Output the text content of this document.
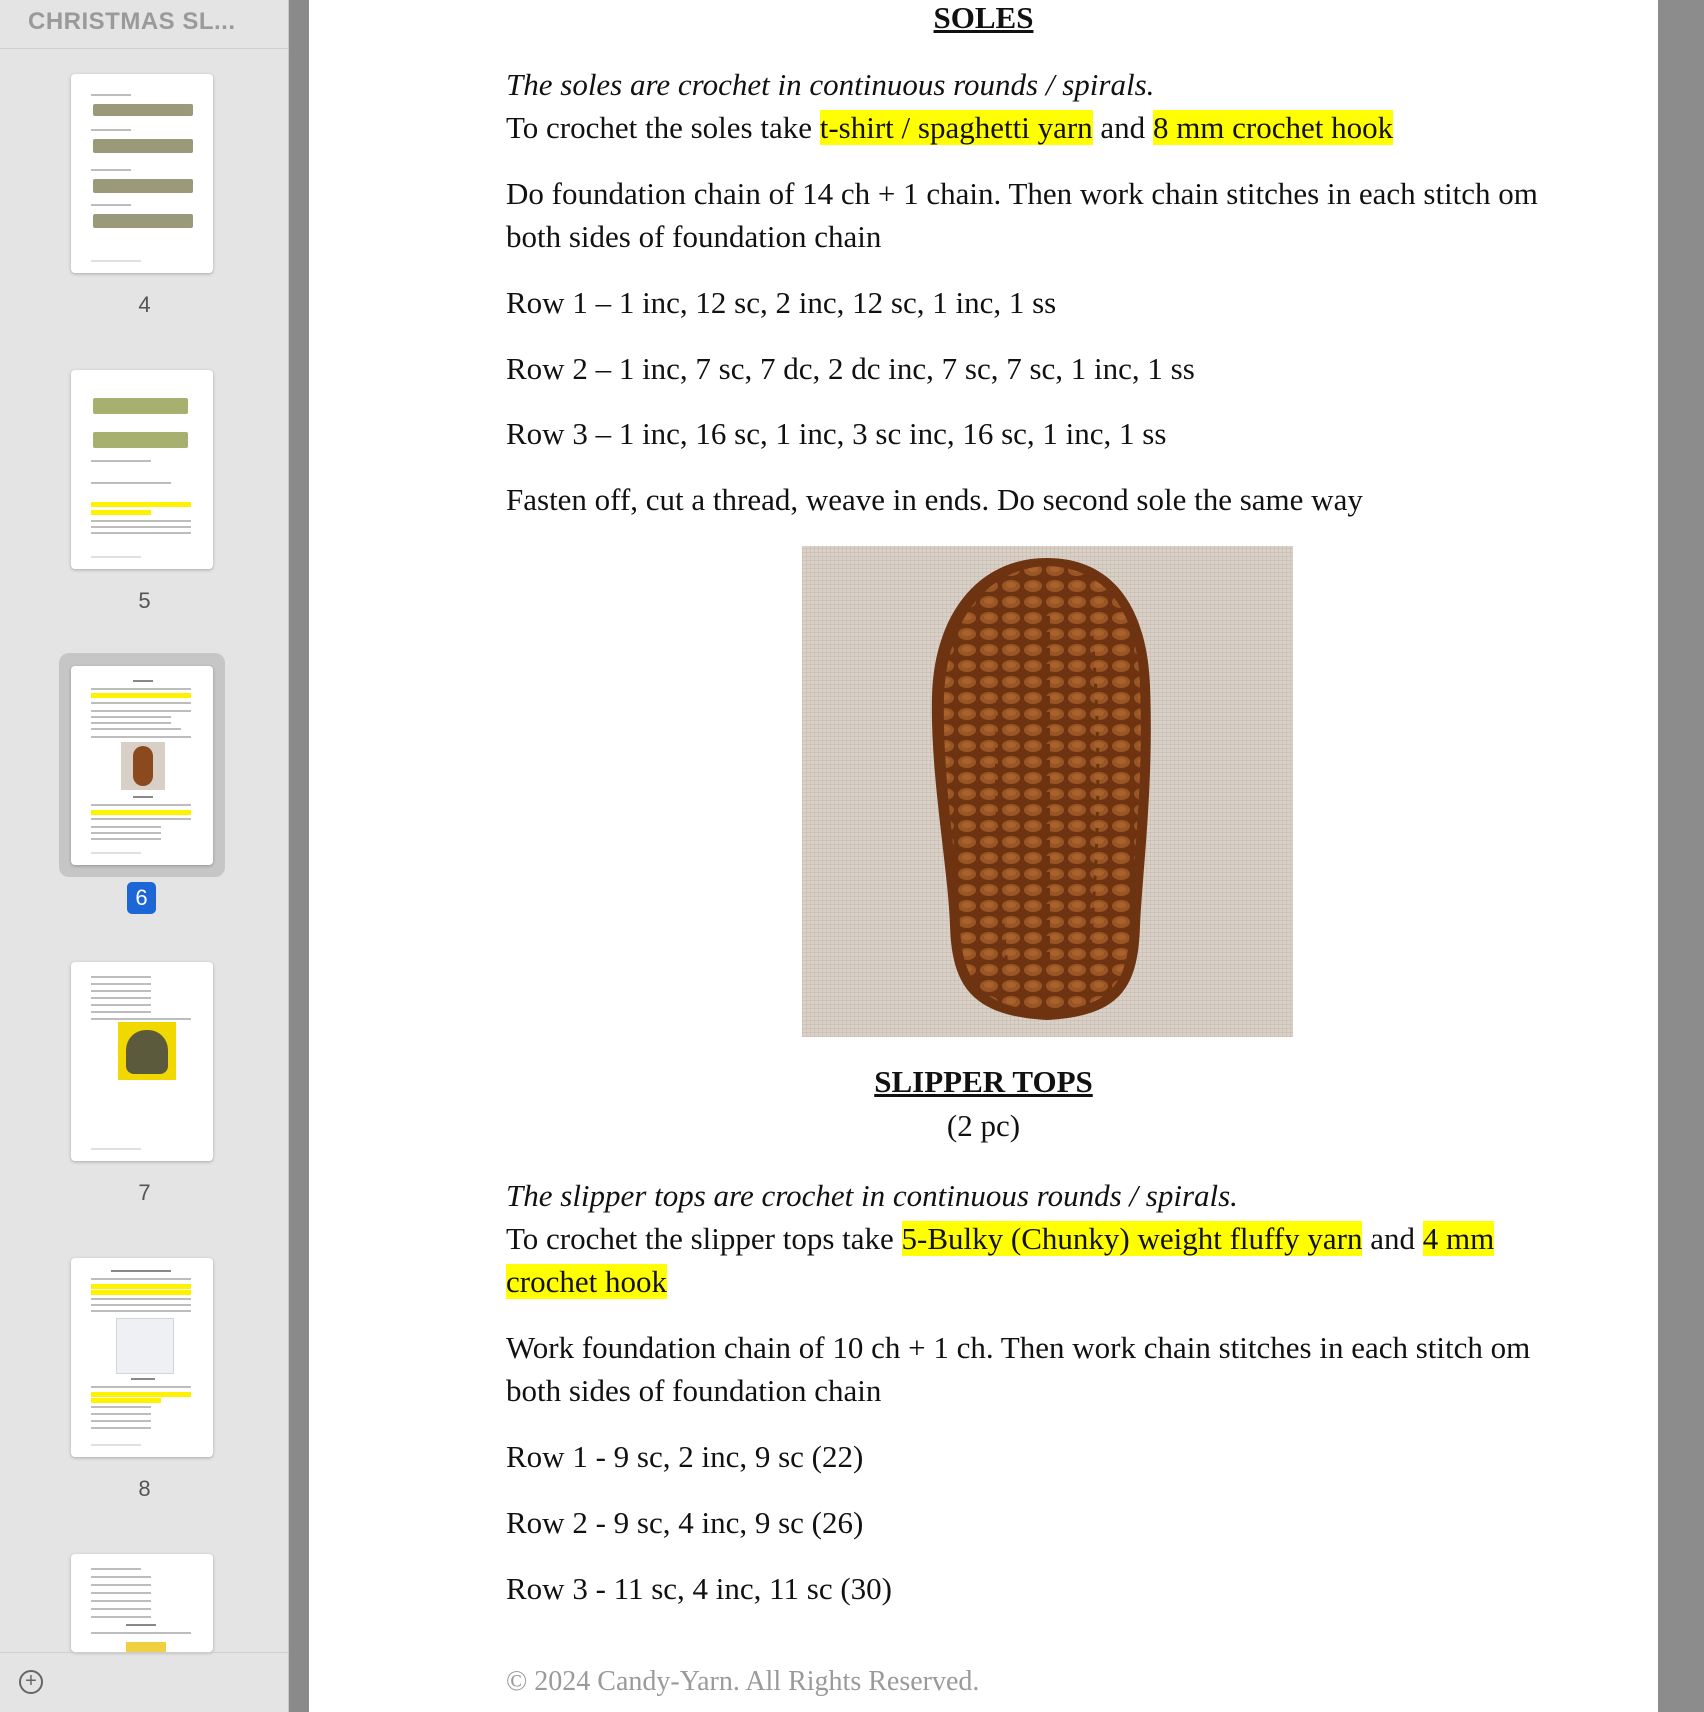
CHRISTMAS SL...
4
5
6
7
8
+
SOLES
The soles are crochet in continuous rounds / spirals.
To crochet the soles take t-shirt / spaghetti yarn and 8 mm crochet hook
Do foundation chain of 14 ch + 1 chain. Then work chain stitches in each stitch om
both sides of foundation chain
Row 1 – 1 inc, 12 sc, 2 inc, 12 sc, 1 inc, 1 ss
Row 2 – 1 inc, 7 sc, 7 dc, 2 dc inc, 7 sc, 7 sc, 1 inc, 1 ss
Row 3 – 1 inc, 16 sc, 1 inc, 3 sc inc, 16 sc, 1 inc, 1 ss
Fasten off, cut a thread, weave in ends. Do second sole the same way
SLIPPER TOPS
(2 pc)
The slipper tops are crochet in continuous rounds / spirals.
To crochet the slipper tops take 5-Bulky (Chunky) weight fluffy yarn and 4 mm
crochet hook
Work foundation chain of 10 ch + 1 ch. Then work chain stitches in each stitch om
both sides of foundation chain
Row 1 - 9 sc, 2 inc, 9 sc (22)
Row 2 - 9 sc, 4 inc, 9 sc (26)
Row 3 - 11 sc, 4 inc, 11 sc (30)
© 2024 Candy-Yarn. All Rights Reserved.
